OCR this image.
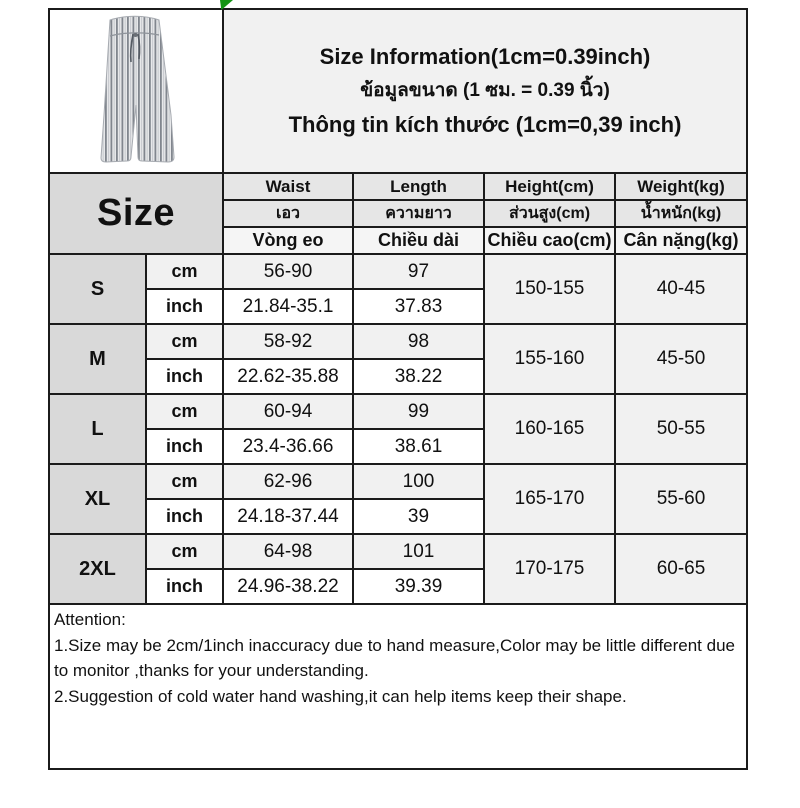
Size Information(1cm=0.39inch)
ข้อมูลขนาด (1 ซม. = 0.39 นิ้ว)
Thông tin kích thước (1cm=0,39 inch)			

Size		Waist	Length	Height(cm)	Weight(kg)
		เอว	ความยาว	ส่วนสูง(cm)	น้ำหนัก(kg)
		Vòng eo	Chiều dài	Chiều cao(cm)	Cân nặng(kg)
S	cm	56-90	97	150-155	40-45
	inch	21.84-35.1	37.83		
M	cm	58-92	98	155-160	45-50
	inch	22.62-35.88	38.22		
L	cm	60-94	99	160-165	50-55
	inch	23.4-36.66	38.61		
XL	cm	62-96	100	165-170	55-60
	inch	24.18-37.44	39		
2XL	cm	64-98	101	170-175	60-65
	inch	24.96-38.22	39.39		

Attention:
1.Size may be 2cm/1inch inaccuracy due to hand measure,Color may be little different due to monitor ,thanks for your understanding.
2.Suggestion of cold water hand washing,it can help items keep their shape.					
